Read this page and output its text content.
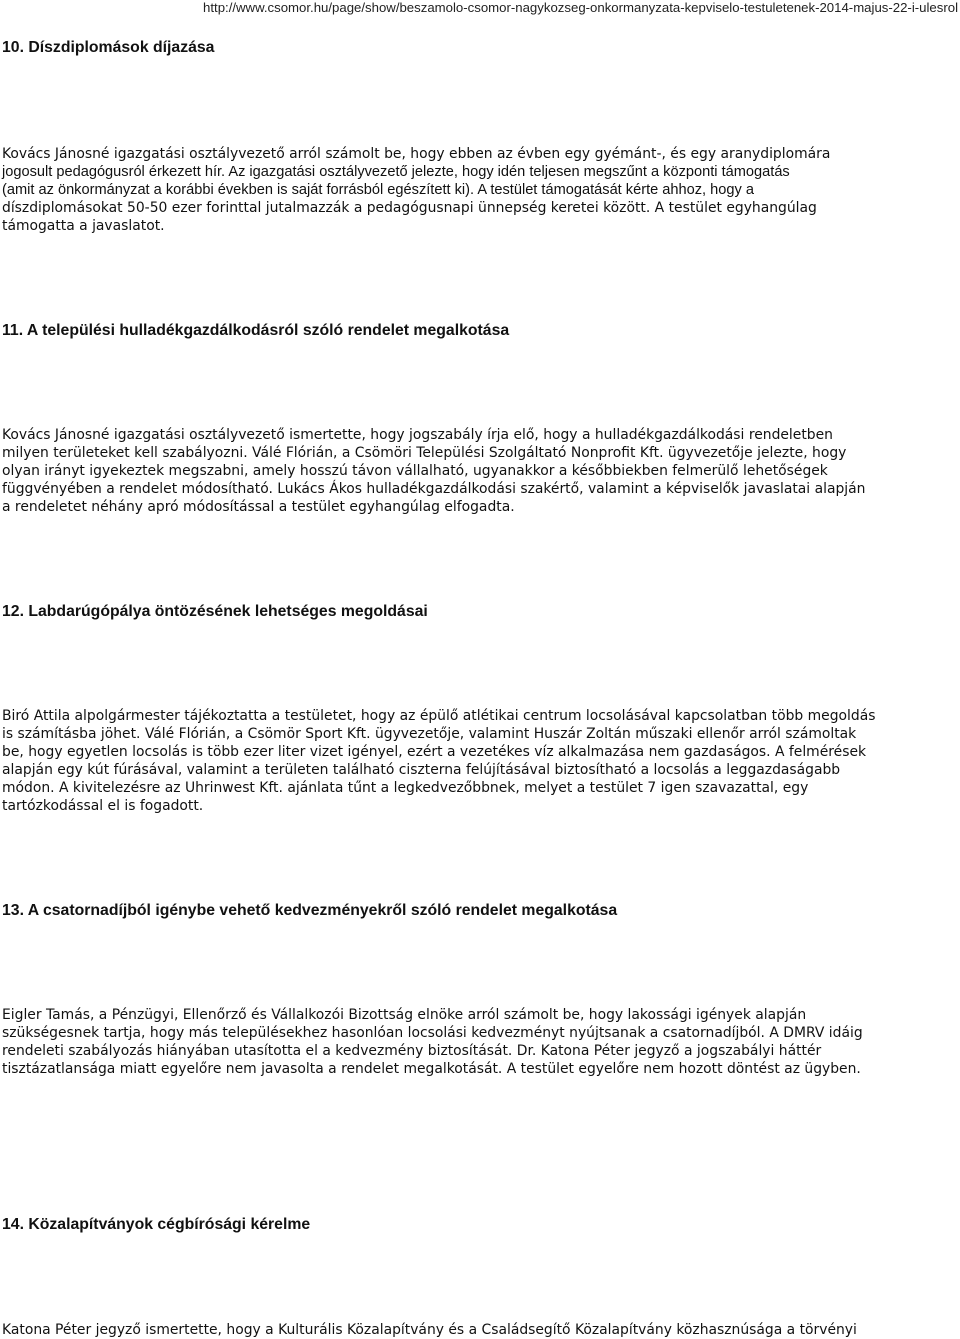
http://www.csomor.hu/page/show/beszamolo-csomor-nagykozseg-onkormanyzata-kepviselo-testuletenek-2014-majus-22-i-ulesrol
10. Díszdiplomások díjazása

Kovács Jánosné igazgatási osztályvezető arról számolt be, hogy ebben az évben egy gyémánt-, és egy aranydiplomára
jogosult pedagógusról érkezett hír. Az igazgatási osztályvezető jelezte, hogy idén teljesen megszűnt a központi támogatás
(amit az önkormányzat a korábbi években is saját forrásból egészített ki). A testület támogatását kérte ahhoz, hogy a
díszdiplomásokat 50-50 ezer forinttal jutalmazzák a pedagógusnapi ünnepség keretei között. A testület egyhangúlag
támogatta a javaslatot.

11. A települési hulladékgazdálkodásról szóló rendelet megalkotása

Kovács Jánosné igazgatási osztályvezető ismertette, hogy jogszabály írja elő, hogy a hulladékgazdálkodási rendeletben
milyen területeket kell szabályozni. Válé Flórián, a Csömöri Települési Szolgáltató Nonprofit Kft. ügyvezetője jelezte, hogy
olyan irányt igyekeztek megszabni, amely hosszú távon vállalható, ugyanakkor a későbbiekben felmerülő lehetőségek
függvényében a rendelet módosítható. Lukács Ákos hulladékgazdálkodási szakértő, valamint a képviselők javaslatai alapján
a rendeletet néhány apró módosítással a testület egyhangúlag elfogadta.

12. Labdarúgópálya öntözésének lehetséges megoldásai

Biró Attila alpolgármester tájékoztatta a testületet, hogy az épülő atlétikai centrum locsolásával kapcsolatban több megoldás
is számításba jöhet. Válé Flórián, a Csömör Sport Kft. ügyvezetője, valamint Huszár Zoltán műszaki ellenőr arról számoltak
be, hogy egyetlen locsolás is több ezer liter vizet igényel, ezért a vezetékes víz alkalmazása nem gazdaságos. A felmérések
alapján egy kút fúrásával, valamint a területen található ciszterna felújításával biztosítható a locsolás a leggazdaságabb
módon. A kivitelezésre az Uhrinwest Kft. ajánlata tűnt a legkedvezőbbnek, melyet a testület 7 igen szavazattal, egy
tartózkodással el is fogadott.

13. A csatornadíjból igénybe vehető kedvezményekről szóló rendelet megalkotása

Eigler Tamás, a Pénzügyi, Ellenőrző és Vállalkozói Bizottság elnöke arról számolt be, hogy lakossági igények alapján
szükségesnek tartja, hogy más településekhez hasonlóan locsolási kedvezményt nyújtsanak a csatornadíjból. A DMRV idáig
rendeleti szabályozás hiányában utasította el a kedvezmény biztosítását. Dr. Katona Péter jegyző a jogszabályi háttér
tisztázatlansága miatt egyelőre nem javasolta a rendelet megalkotását. A testület egyelőre nem hozott döntést az ügyben.

14. Közalapítványok cégbírósági kérelme

Katona Péter jegyző ismertette, hogy a Kulturális Közalapítvány és a Családsegítő Közalapítvány közhasznúsága a törvényi
